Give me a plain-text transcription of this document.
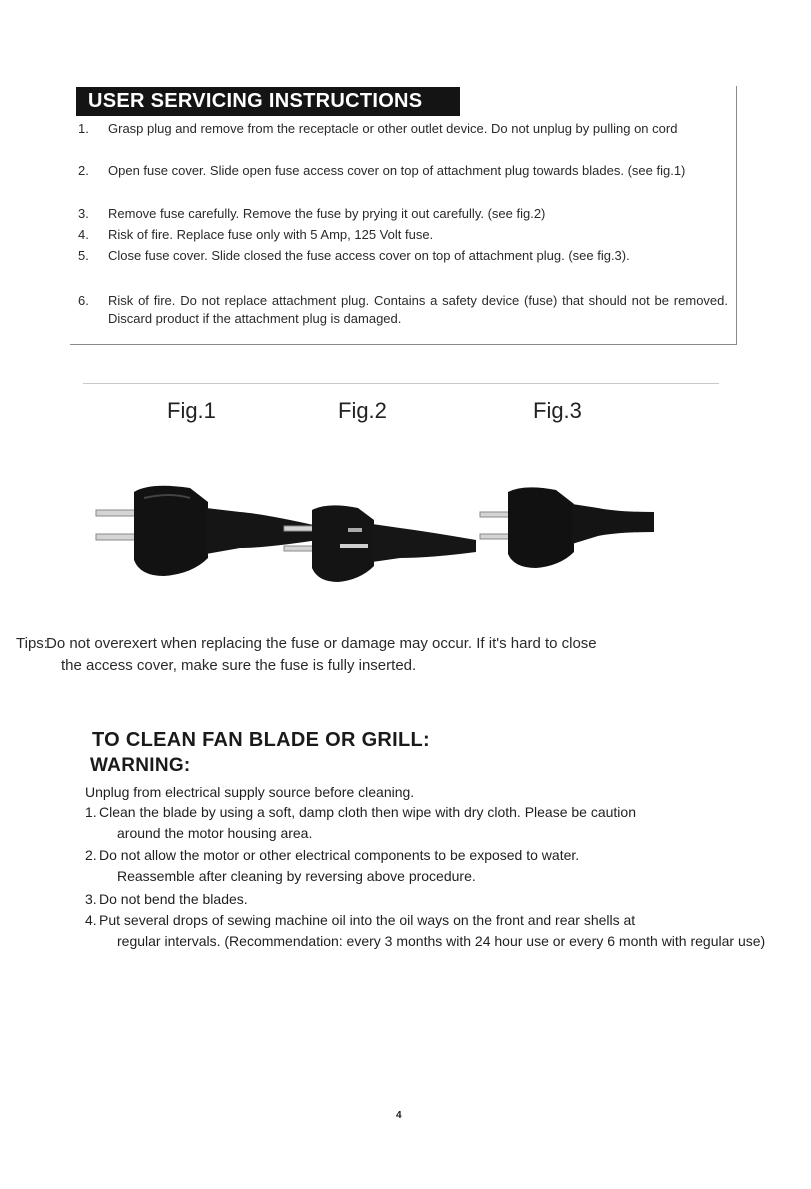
USER SERVICING INSTRUCTIONS
1. Grasp plug and remove from the receptacle or other outlet device. Do not unplug by pulling on cord
2. Open fuse cover. Slide open fuse access cover on top of attachment plug towards blades. (see fig.1)
3. Remove fuse carefully. Remove the fuse by prying it out carefully. (see fig.2)
4. Risk of fire. Replace fuse only with 5 Amp, 125 Volt fuse.
5. Close fuse cover. Slide closed the fuse access cover on top of attachment plug. (see fig.3).
6. Risk of fire. Do not replace attachment plug. Contains a safety device (fuse) that should not be removed. Discard product if the attachment plug is damaged.
Fig.1	Fig.2	Fig.3
Tips:
Do not overexert when replacing the fuse or damage may occur. If it's hard to close
the access cover, make sure the fuse is fully inserted.
TO CLEAN FAN BLADE OR GRILL:
WARNING:
Unplug from electrical supply source before cleaning.
1. Clean the blade by using a soft, damp cloth then wipe with dry cloth. Please be caution
around the motor housing area.
2. Do not allow the motor or other electrical components to be exposed to water.
Reassemble after cleaning by reversing above procedure.
3. Do not bend the blades.
4. Put several drops of sewing machine oil into the oil ways on the front and rear shells at
regular intervals. (Recommendation: every 3 months with 24 hour use or every 6 month with regular use)
4
